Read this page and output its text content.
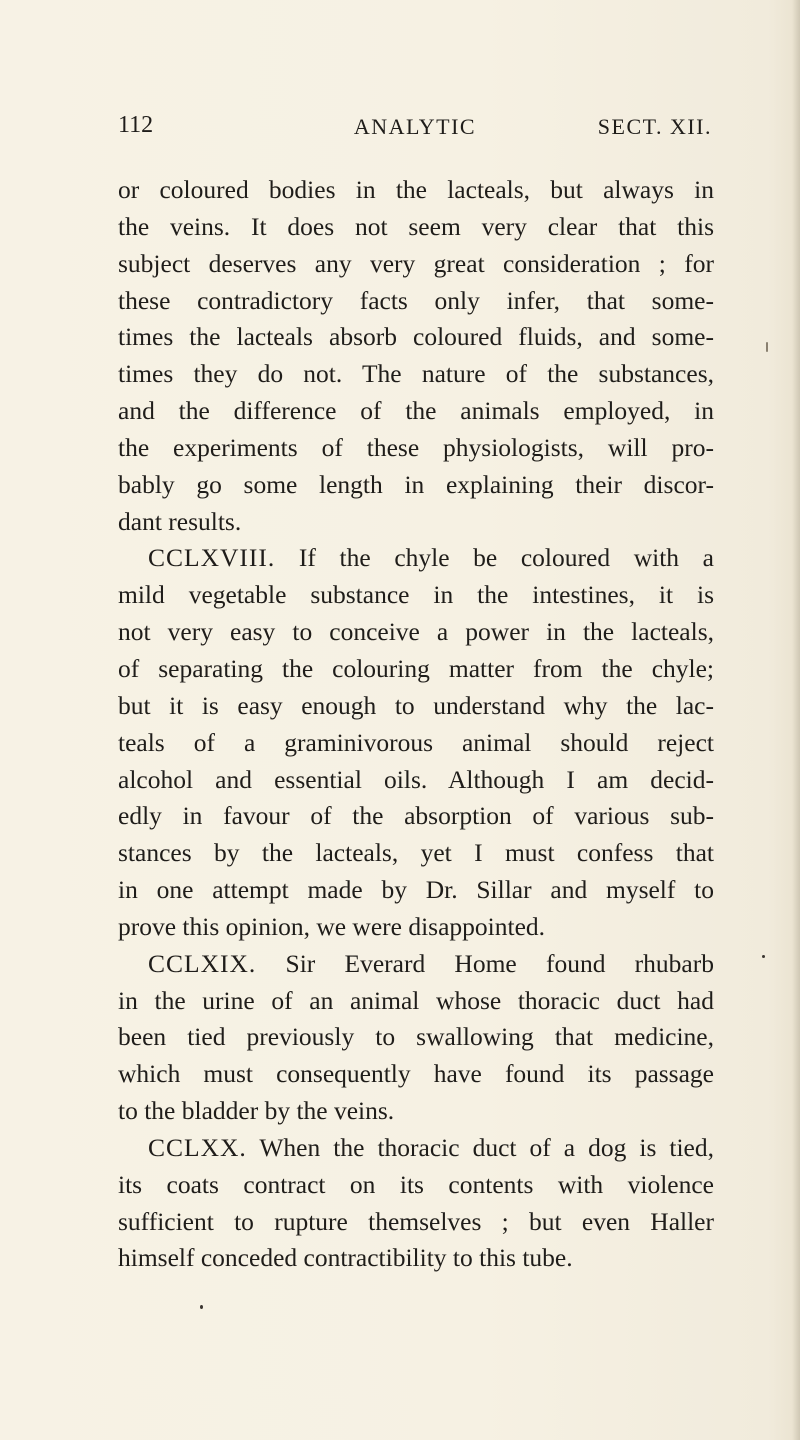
112	ANALYTIC	SECT. XII.
or coloured bodies in the lacteals, but always in
the veins. It does not seem very clear that this
subject deserves any very great consideration ; for
these contradictory facts only infer, that some-
times the lacteals absorb coloured fluids, and some-
times they do not. The nature of the substances,
and the difference of the animals employed, in
the experiments of these physiologists, will pro-
bably go some length in explaining their discor-
dant results.
CCLXVIII. If the chyle be coloured with a
mild vegetable substance in the intestines, it is
not very easy to conceive a power in the lacteals,
of separating the colouring matter from the chyle;
but it is easy enough to understand why the lac-
teals of a graminivorous animal should reject
alcohol and essential oils. Although I am decid-
edly in favour of the absorption of various sub-
stances by the lacteals, yet I must confess that
in one attempt made by Dr. Sillar and myself to
prove this opinion, we were disappointed.
CCLXIX. Sir Everard Home found rhubarb
in the urine of an animal whose thoracic duct had
been tied previously to swallowing that medicine,
which must consequently have found its passage
to the bladder by the veins.
CCLXX. When the thoracic duct of a dog is tied,
its coats contract on its contents with violence
sufficient to rupture themselves ; but even Haller
himself conceded contractibility to this tube.
